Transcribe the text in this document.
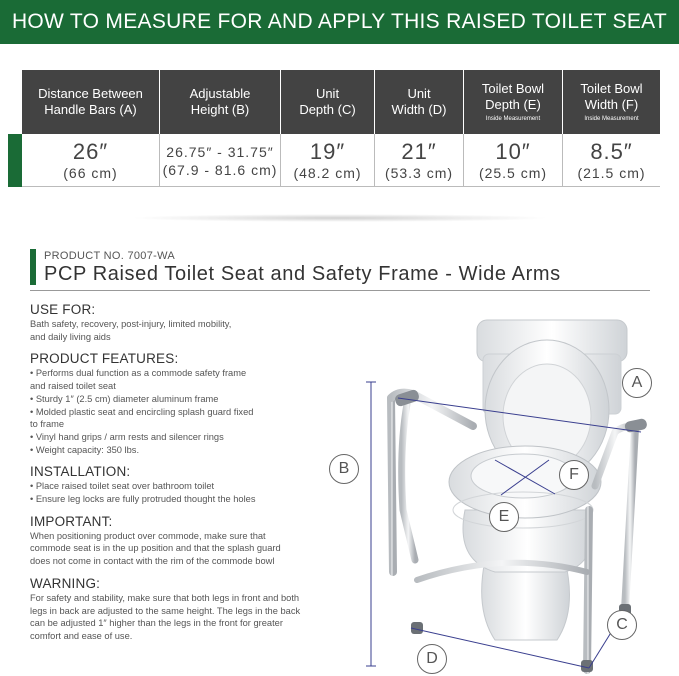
HOW TO MEASURE FOR AND APPLY THIS RAISED TOILET SEAT
Distance Between
Handle Bars (A)
Adjustable
Height (B)
Unit
Depth (C)
Unit
Width (D)
Toilet Bowl
Depth (E)
Inside Measurement
Toilet Bowl
Width (F)
Inside Measurement
26″
(66 cm)
26.75″ - 31.75″
(67.9 - 81.6 cm)
19″
(48.2 cm)
21″
(53.3 cm)
10″
(25.5 cm)
8.5″
(21.5 cm)
PRODUCT NO. 7007-WA
PCP Raised Toilet Seat and Safety Frame - Wide Arms
USE FOR:
Bath safety, recovery, post-injury, limited mobility,
and daily living aids
PRODUCT FEATURES:
• Performs dual function as a commode safety frame
and raised toilet seat
• Sturdy 1″ (2.5 cm) diameter aluminum frame
• Molded plastic seat and encircling splash guard fixed
to frame
• Vinyl hand grips / arm rests and silencer rings
• Weight capacity: 350 lbs.
INSTALLATION:
• Place raised toilet seat over bathroom toilet
• Ensure leg locks are fully protruded thought the holes
IMPORTANT:
When positioning product over commode, make sure that
commode seat is in the up position and that the splash guard
does not come in contact with the rim of the commode bowl
WARNING:
For safety and stability, make sure that both legs in front and both
legs in back are adjusted to the same height. The legs in the back
can be adjusted 1″ higher than the legs in the front for greater
comfort and ease of use.
A
B
C
D
E
F
